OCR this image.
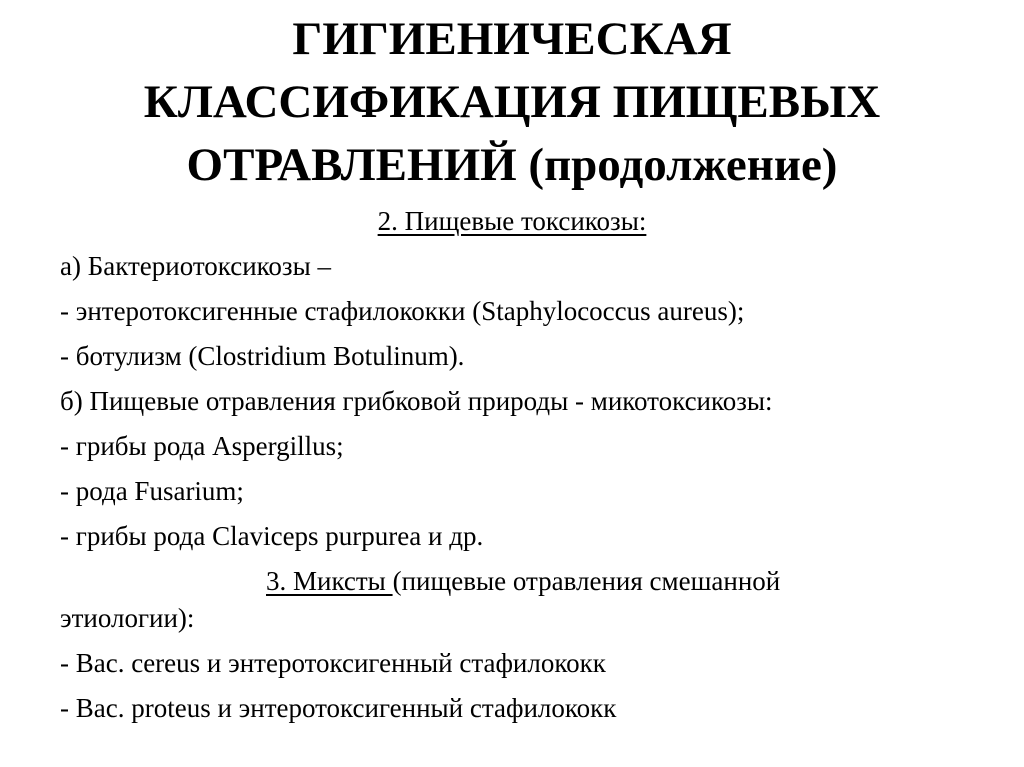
ГИГИЕНИЧЕСКАЯ
КЛАССИФИКАЦИЯ ПИЩЕВЫХ
ОТРАВЛЕНИЙ (продолжение)

2. Пищевые токсикозы:

а) Бактериотоксикозы –

- энтеротоксигенные стафилококки (Staphylococcus aureus);

- ботулизм (Clostridium Botulinum).

б) Пищевые отравления грибковой природы - микотоксикозы:

- грибы рода Aspergillus;

- рода Fusarium;

- грибы рода Claviceps purpurea и др.

3. Миксты (пищевые отравления смешанной

этиологии):

- Bac. cereus и энтеротоксигенный стафилококк

- Bac. proteus и энтеротоксигенный стафилококк
